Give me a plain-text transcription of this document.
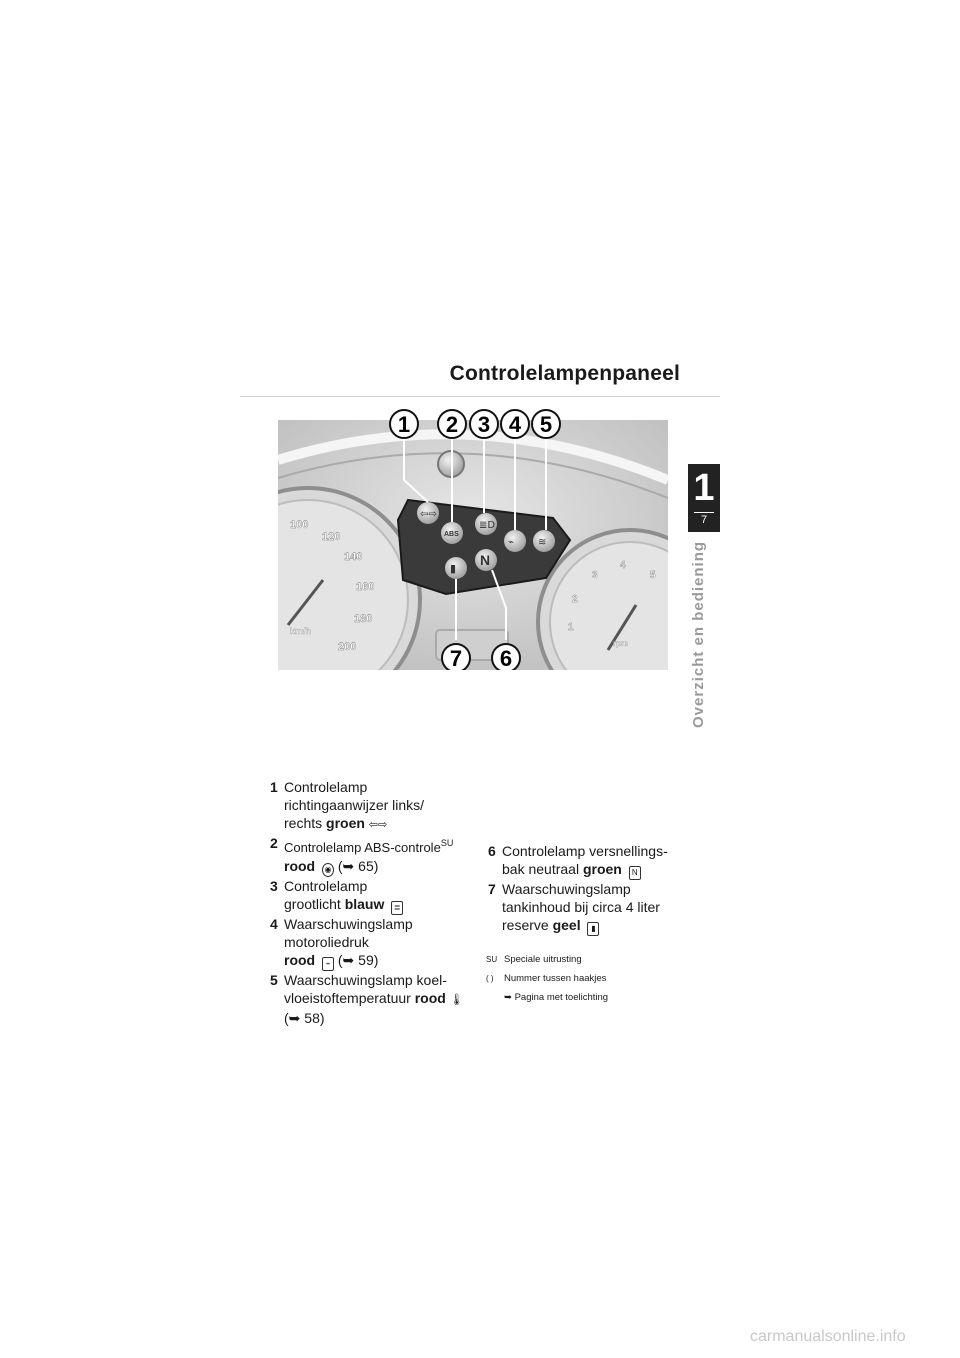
Controlelampenpaneel
1
7
Overzicht en bediening
100
120
140
160
180
200
km/h	1
2
3
4
5
rpm
⇦⇨
ABS
≣D
⌁ ≋
▮
N
1 2 3 4 5
7 6
1 Controlelamp
richtingaanwijzer links/
rechts groen ⇦⇨
2 Controlelamp ABS-controle$^{SU}$
rood ◉ (➥ 65)
3 Controlelamp
grootlicht blauw ≣
4 Waarschuwingslamp
motoroliedruk
rood ⌁ (➥ 59)
5 Waarschuwingslamp koel-
vloeistoftemperatuur rood 🌡
(➥ 58)
6 Controlelamp versnellings-
bak neutraal groen N
7 Waarschuwingslamp
tankinhoud bij circa 4 liter
reserve geel ▮
SU Speciale uitrusting
( ) Nummer tussen haakjes
➥ Pagina met toelichting
carmanualsonline.info
